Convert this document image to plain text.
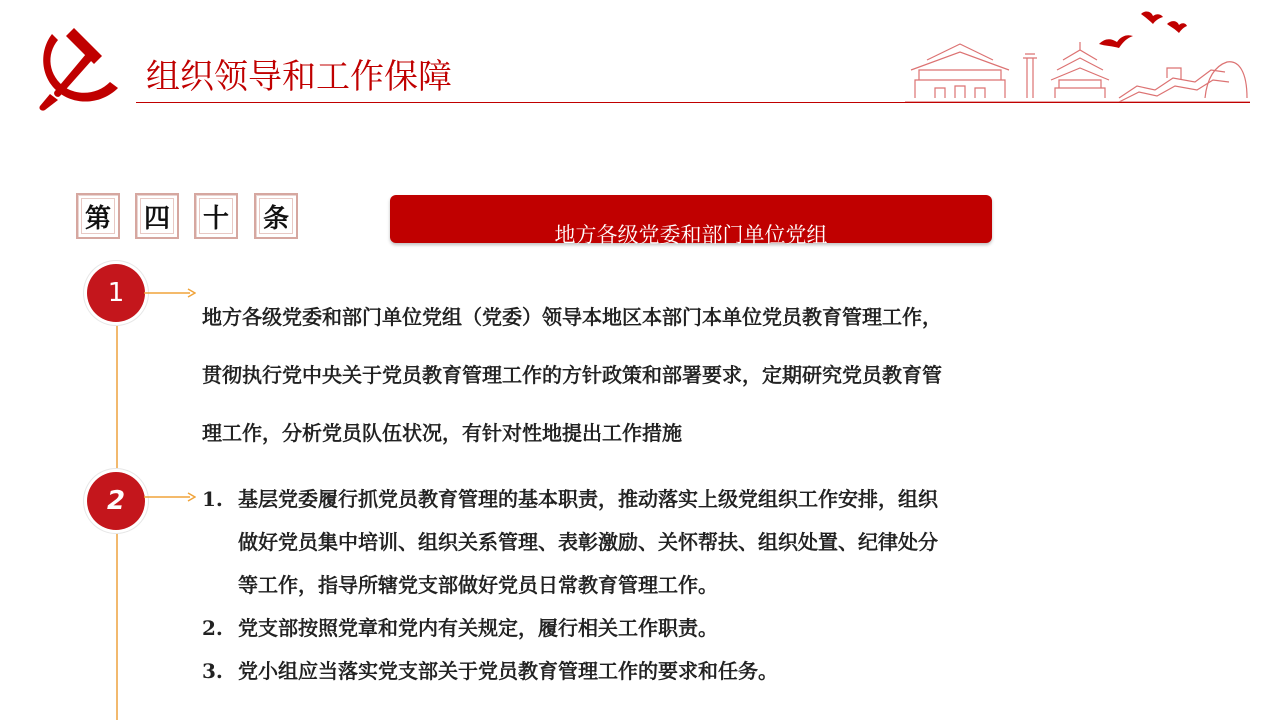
组织领导和工作保障
第	四	十	条
地方各级党委和部门单位党组
1
2
地方各级党委和部门单位党组（党委）领导本地区本部门本单位党员教育管理工作，
贯彻执行党中央关于党员教育管理工作的方针政策和部署要求，定期研究党员教育管
理工作，分析党员队伍状况，有针对性地提出工作措施
1. 基层党委履行抓党员教育管理的基本职责，推动落实上级党组织工作安排，组织
做好党员集中培训、组织关系管理、表彰激励、关怀帮扶、组织处置、纪律处分
等工作，指导所辖党支部做好党员日常教育管理工作。
2. 党支部按照党章和党内有关规定，履行相关工作职责。
3. 党小组应当落实党支部关于党员教育管理工作的要求和任务。
